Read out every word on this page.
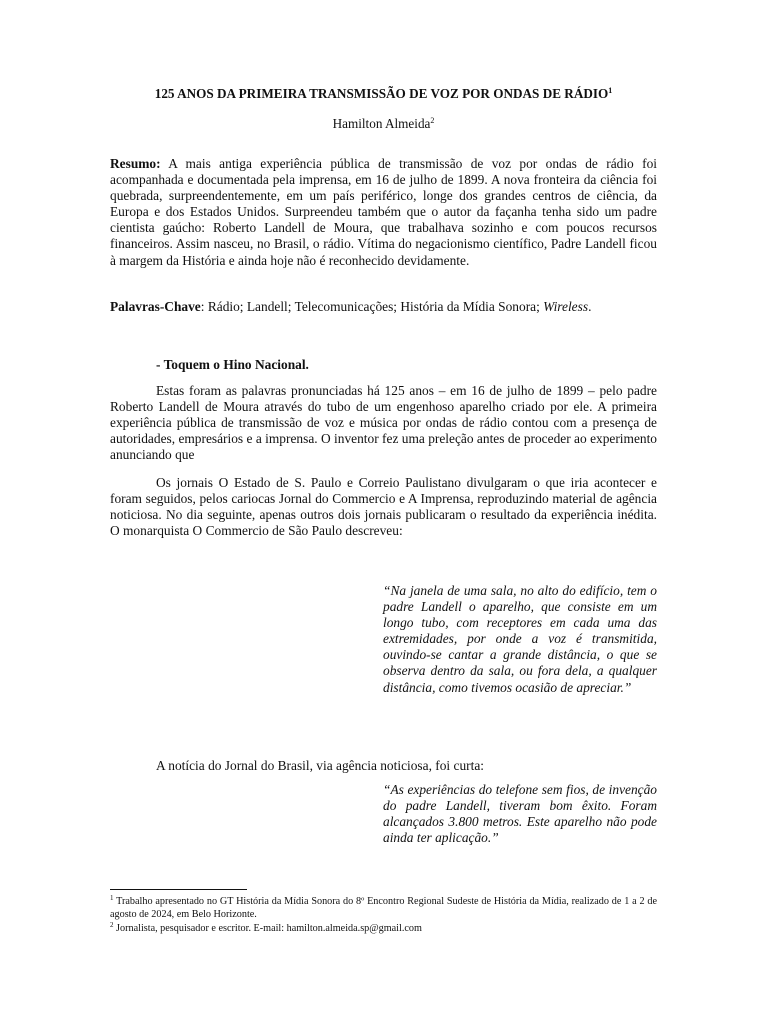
125 ANOS DA PRIMEIRA TRANSMISSÃO DE VOZ POR ONDAS DE RÁDIO$^1$
Hamilton Almeida$^2$

Resumo: A mais antiga experiência pública de transmissão de voz por ondas de rádio foi acompanhada e documentada pela imprensa, em 16 de julho de 1899. A nova fronteira da ciência foi quebrada, surpreendentemente, em um país periférico, longe dos grandes centros de ciência, da Europa e dos Estados Unidos. Surpreendeu também que o autor da façanha tenha sido um padre cientista gaúcho: Roberto Landell de Moura, que trabalhava sozinho e com poucos recursos financeiros. Assim nasceu, no Brasil, o rádio. Vítima do negacionismo científico, Padre Landell ficou à margem da História e ainda hoje não é reconhecido devidamente.

Palavras-Chave: Rádio; Landell; Telecomunicações; História da Mídia Sonora; Wireless.

- Toquem o Hino Nacional.

Estas foram as palavras pronunciadas há 125 anos – em 16 de julho de 1899 – pelo padre Roberto Landell de Moura através do tubo de um engenhoso aparelho criado por ele. A primeira experiência pública de transmissão de voz e música por ondas de rádio contou com a presença de autoridades, empresários e a imprensa. O inventor fez uma preleção antes de proceder ao experimento anunciando que

Os jornais O Estado de S. Paulo e Correio Paulistano divulgaram o que iria acontecer e foram seguidos, pelos cariocas Jornal do Commercio e A Imprensa, reproduzindo material de agência noticiosa. No dia seguinte, apenas outros dois jornais publicaram o resultado da experiência inédita. O monarquista O Commercio de São Paulo descreveu:

“Na janela de uma sala, no alto do edifício, tem o padre Landell o aparelho, que consiste em um longo tubo, com receptores em cada uma das extremidades, por onde a voz é transmitida, ouvindo-se cantar a grande distância, o que se observa dentro da sala, ou fora dela, a qualquer distância, como tivemos ocasião de apreciar.”

A notícia do Jornal do Brasil, via agência noticiosa, foi curta:

“As experiências do telefone sem fios, de invenção do padre Landell, tiveram bom êxito. Foram alcançados 3.800 metros. Este aparelho não pode ainda ter aplicação.”

$^1$ Trabalho apresentado no GT História da Mídia Sonora do 8º Encontro Regional Sudeste de História da Mídia, realizado de 1 a 2 de agosto de 2024, em Belo Horizonte.

$^2$ Jornalista, pesquisador e escritor. E-mail: hamilton.almeida.sp@gmail.com
